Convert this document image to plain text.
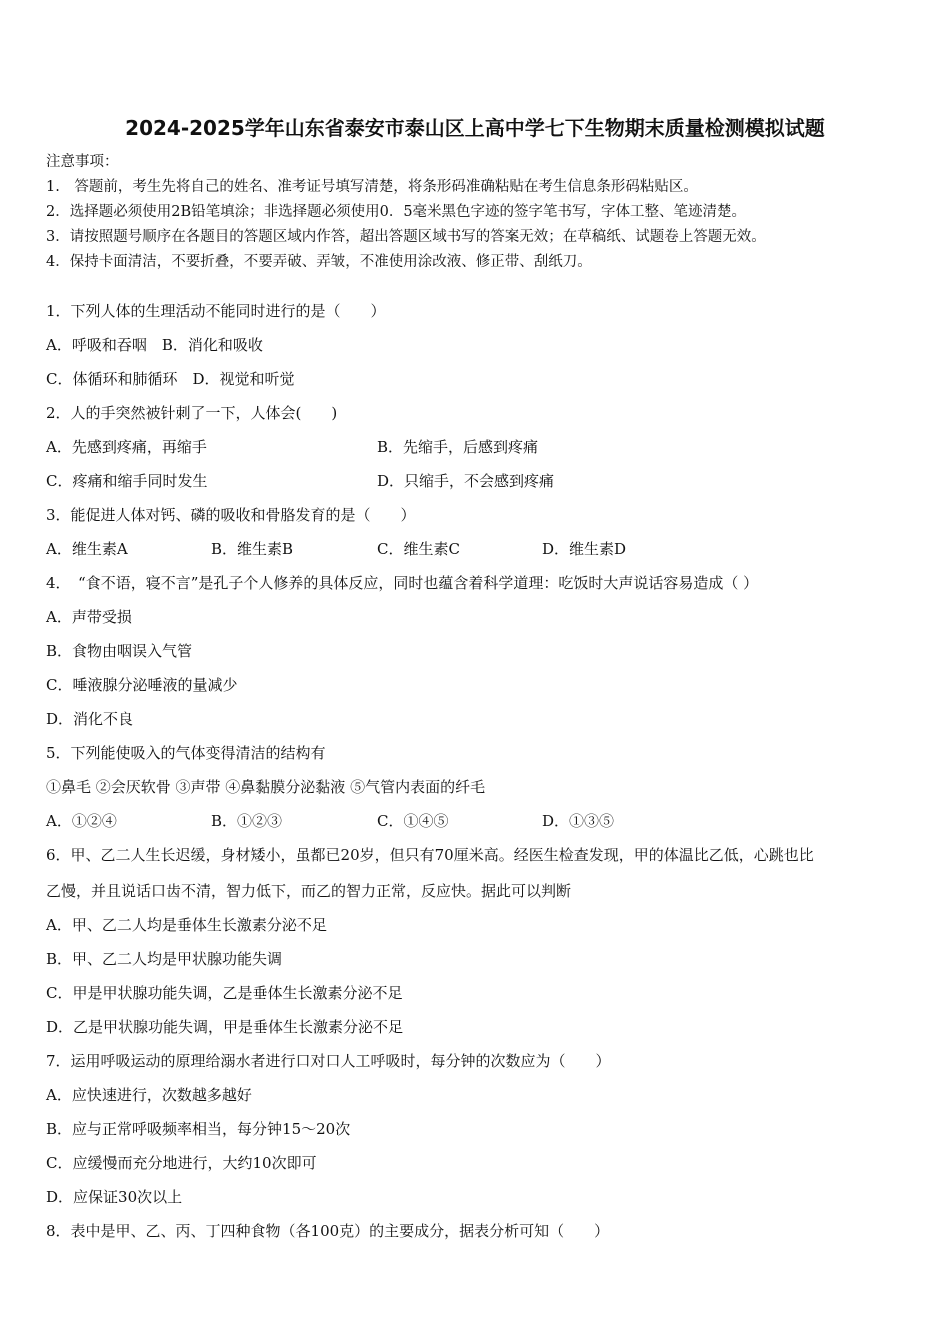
2024-2025学年山东省泰安市泰山区上高中学七下生物期末质量检测模拟试题
注意事项：
1.　答题前，考生先将自己的姓名、准考证号填写清楚，将条形码准确粘贴在考生信息条形码粘贴区。
2．选择题必须使用2B铅笔填涂；非选择题必须使用0．5毫米黑色字迹的签字笔书写，字体工整、笔迹清楚。
3．请按照题号顺序在各题目的答题区域内作答，超出答题区域书写的答案无效；在草稿纸、试题卷上答题无效。
4．保持卡面清洁，不要折叠，不要弄破、弄皱，不准使用涂改液、修正带、刮纸刀。
1．下列人体的生理活动不能同时进行的是（　　）
A．呼吸和吞咽　B．消化和吸收
C．体循环和肺循环　D．视觉和听觉
2．人的手突然被针刺了一下，人体会(　　)
A．先感到疼痛，再缩手	B．先缩手，后感到疼痛
C．疼痛和缩手同时发生	D．只缩手，不会感到疼痛
3．能促进人体对钙、磷的吸收和骨胳发育的是（　　）
A．维生素A	B．维生素B	C．维生素C	D．维生素D
4．　“食不语，寝不言”是孔子个人修养的具体反应，同时也蕴含着科学道理：吃饭时大声说话容易造成（ ）
A．声带受损
B．食物由咽误入气管
C．唾液腺分泌唾液的量减少
D．消化不良
5．下列能使吸入的气体变得清洁的结构有
①鼻毛 ②会厌软骨 ③声带 ④鼻黏膜分泌黏液 ⑤气管内表面的纤毛
A．①②④	B．①②③	C．①④⑤	D．①③⑤
6．甲、乙二人生长迟缓，身材矮小，虽都已20岁，但只有70厘米高。经医生检查发现，甲的体温比乙低，心跳也比
乙慢，并且说话口齿不清，智力低下，而乙的智力正常，反应快。据此可以判断
A．甲、乙二人均是垂体生长激素分泌不足
B．甲、乙二人均是甲状腺功能失调
C．甲是甲状腺功能失调，乙是垂体生长激素分泌不足
D．乙是甲状腺功能失调，甲是垂体生长激素分泌不足
7．运用呼吸运动的原理给溺水者进行口对口人工呼吸时，每分钟的次数应为（　　）
A．应快速进行，次数越多越好
B．应与正常呼吸频率相当，每分钟15～20次
C．应缓慢而充分地进行，大约10次即可
D．应保证30次以上
8．表中是甲、乙、丙、丁四种食物（各100克）的主要成分，据表分析可知（　　）
